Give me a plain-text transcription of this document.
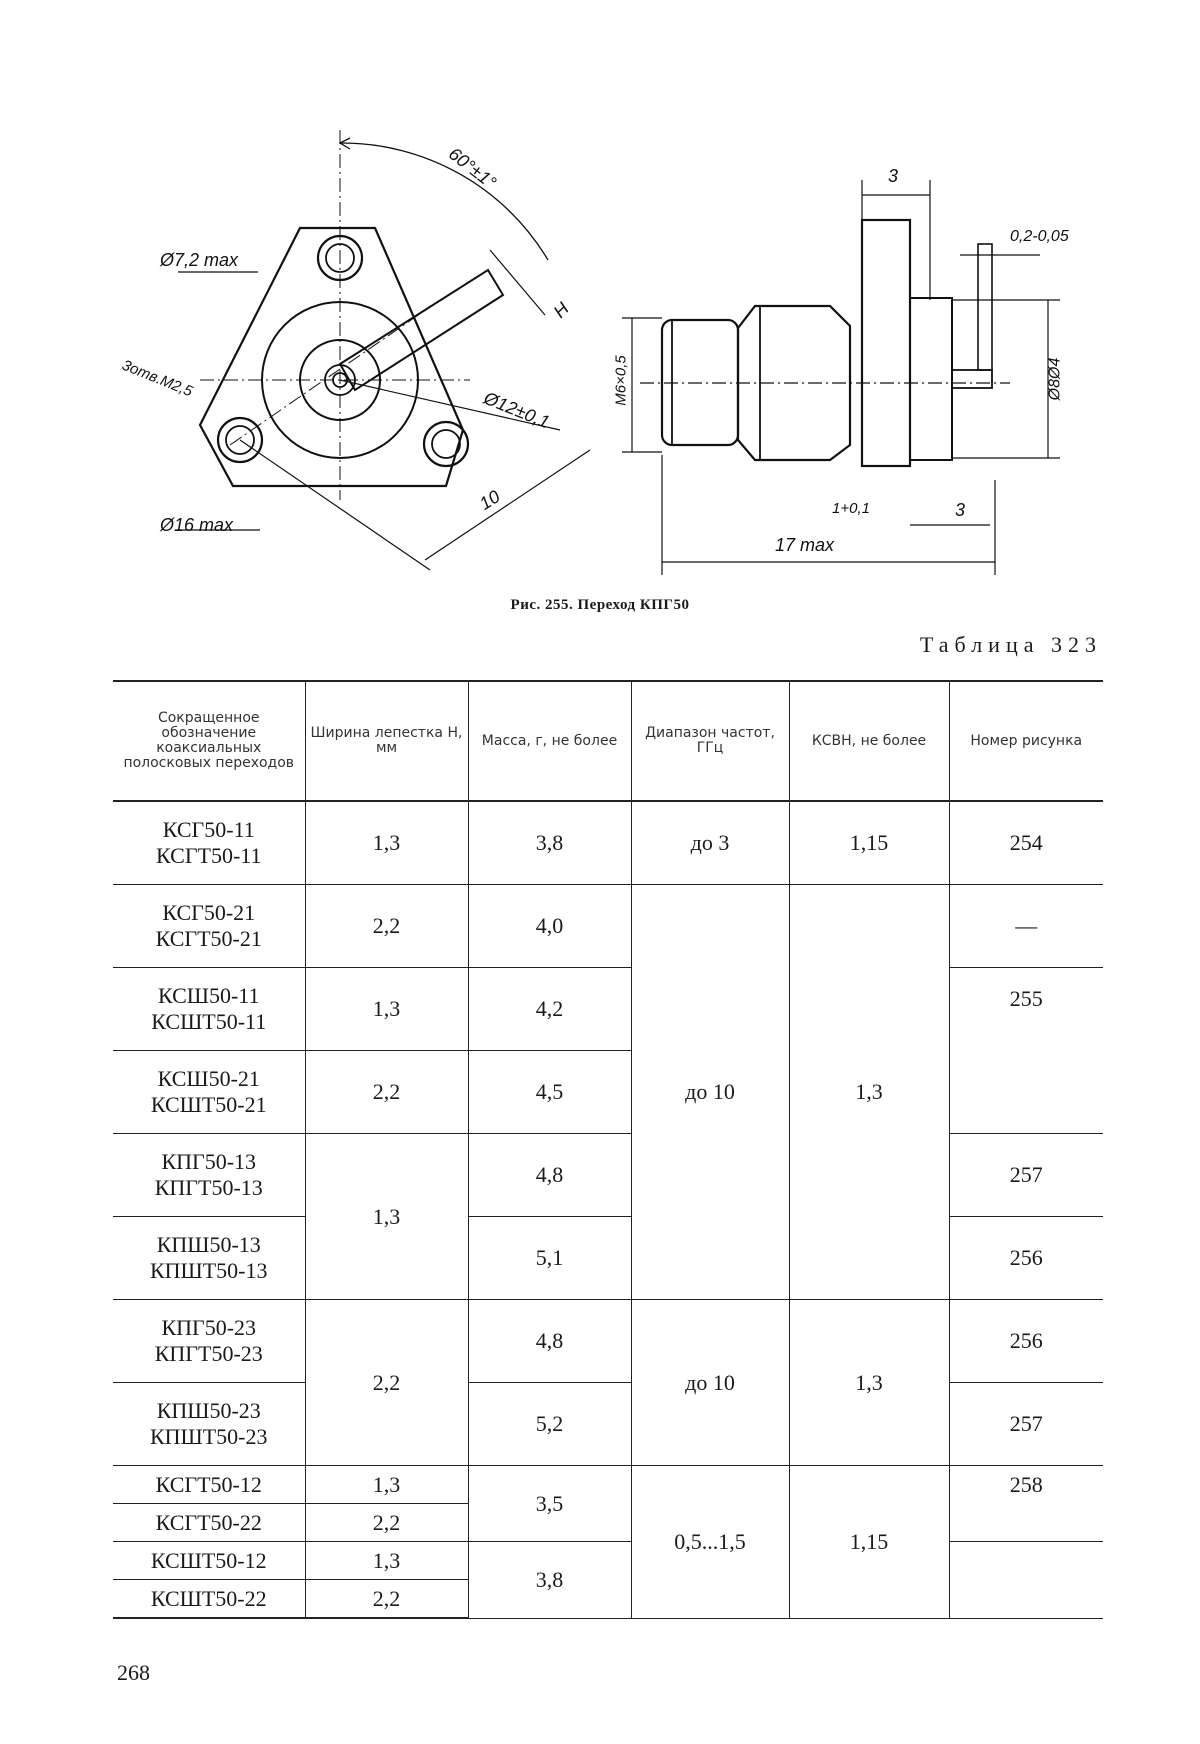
60°±1°
Ø7,2 max
3отв.М2,5
Ø16 max
Ø12±0,1
H
10
3
0,2-0,05
М6×0,5	Ø8Ø4
1+0,1	3
17 max
Рис. 255. Переход КПГ50
Таблица 323
Сокращенное обозначение коаксиальных полосковых переходов	Ширина лепестка H, мм	Масса, г, не более	Диапазон частот, ГГц	КСВН, не более	Номер рисунка

КСГ50-11
КСГТ50-11	1,3	3,8	до 3	1,15	254

КСГ50-21
КСГТ50-21	2,2	4,0	до 10	1,3	—

КСШ50-11
КСШТ50-11	1,3	4,2			255

КСШ50-21
КСШТ50-21	2,2	4,5			

КПГ50-13
КПГТ50-13	1,3	4,8			257

КПШ50-13
КПШТ50-13		5,1			256

КПГ50-23
КПГТ50-23	2,2	4,8	до 10	1,3	256

КПШ50-23
КПШТ50-23		5,2			257
КСГТ50-12	1,3	3,5	0,5...1,5	1,15	258
КСГТ50-22	2,2				
КСШТ50-12	1,3	3,8			
КСШТ50-22	2,2				
268
